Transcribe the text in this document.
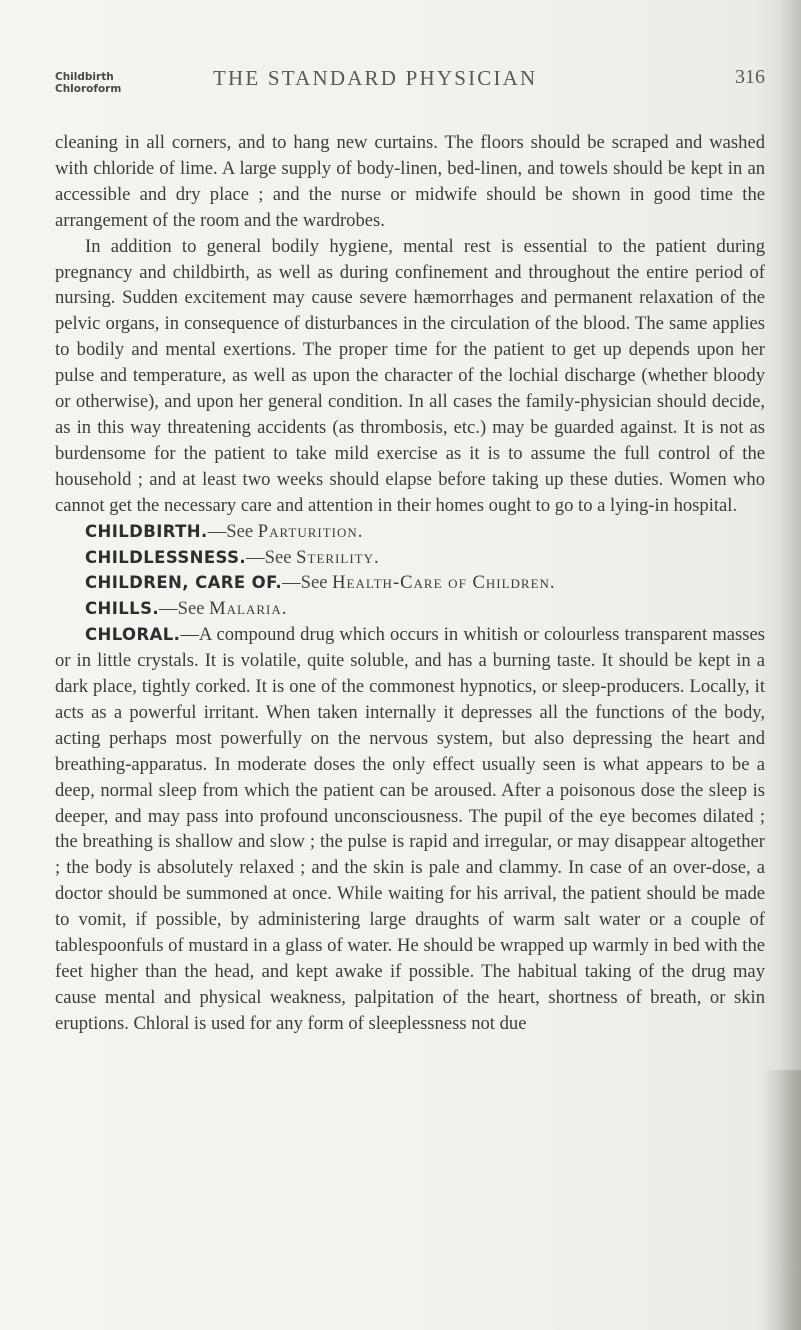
Childbirth
Chloroform	THE STANDARD PHYSICIAN	316

cleaning in all corners, and to hang new curtains. The floors should be scraped and washed with chloride of lime. A large supply of body-linen, bed-linen, and towels should be kept in an accessible and dry place ; and the nurse or midwife should be shown in good time the arrangement of the room and the wardrobes.

In addition to general bodily hygiene, mental rest is essential to the patient during pregnancy and childbirth, as well as during confinement and throughout the entire period of nursing. Sudden excitement may cause severe hæmorrhages and permanent relaxation of the pelvic organs, in consequence of disturbances in the circulation of the blood. The same applies to bodily and mental exertions. The proper time for the patient to get up depends upon her pulse and temperature, as well as upon the character of the lochial discharge (whether bloody or otherwise), and upon her general condition. In all cases the family-physician should decide, as in this way threatening accidents (as thrombosis, etc.) may be guarded against. It is not as burdensome for the patient to take mild exercise as it is to assume the full control of the household ; and at least two weeks should elapse before taking up these duties. Women who cannot get the necessary care and attention in their homes ought to go to a lying-in hospital.

CHILDBIRTH.—See Parturition.

CHILDLESSNESS.—See Sterility.

CHILDREN, CARE OF.—See Health-Care of Children.

CHILLS.—See Malaria.

CHLORAL.—A compound drug which occurs in whitish or colourless transparent masses or in little crystals. It is volatile, quite soluble, and has a burning taste. It should be kept in a dark place, tightly corked. It is one of the commonest hypnotics, or sleep-producers. Locally, it acts as a powerful irritant. When taken internally it depresses all the functions of the body, acting perhaps most powerfully on the nervous system, but also depressing the heart and breathing-apparatus. In moderate doses the only effect usually seen is what appears to be a deep, normal sleep from which the patient can be aroused. After a poisonous dose the sleep is deeper, and may pass into profound unconsciousness. The pupil of the eye becomes dilated ; the breathing is shallow and slow ; the pulse is rapid and irregular, or may disappear altogether ; the body is absolutely relaxed ; and the skin is pale and clammy. In case of an over-dose, a doctor should be summoned at once. While waiting for his arrival, the patient should be made to vomit, if possible, by administering large draughts of warm salt water or a couple of tablespoonfuls of mustard in a glass of water. He should be wrapped up warmly in bed with the feet higher than the head, and kept awake if possible. The habitual taking of the drug may cause mental and physical weakness, palpitation of the heart, shortness of breath, or skin eruptions. Chloral is used for any form of sleeplessness not due
